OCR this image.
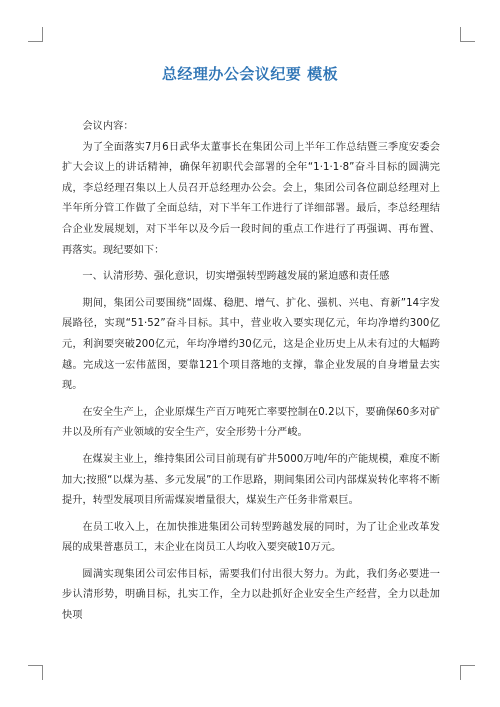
总经理办公会议纪要 模板

会议内容：

为了全面落实7月6日武华太董事长在集团公司上半年工作总结暨三季度安委会扩大会议上的讲话精神，确保年初职代会部署的全年“1·1·1·8”奋斗目标的圆满完成，李总经理召集以上人员召开总经理办公会。会上，集团公司各位副总经理对上半年所分管工作做了全面总结，对下半年工作进行了详细部署。最后，李总经理结合企业发展规划，对下半年以及今后一段时间的重点工作进行了再强调、再布置、再落实。现纪要如下：

一、认清形势、强化意识，切实增强转型跨越发展的紧迫感和责任感

期间，集团公司要围绕“固煤、稳肥、增气、扩化、强机、兴电、育新”14字发展路径，实现“51·52”奋斗目标。其中，营业收入要实现亿元，年均净增约300亿元，利润要突破200亿元，年均净增约30亿元，这是企业历史上从未有过的大幅跨越。完成这一宏伟蓝图，要靠121个项目落地的支撑，靠企业发展的自身增量去实现。

在安全生产上，企业原煤生产百万吨死亡率要控制在0.2以下，要确保60多对矿井以及所有产业领域的安全生产，安全形势十分严峻。

在煤炭主业上，维持集团公司目前现有矿井5000万吨/年的产能规模，难度不断加大;按照“以煤为基、多元发展”的工作思路，期间集团公司内部煤炭转化率将不断提升，转型发展项目所需煤炭增量很大，煤炭生产任务非常艰巨。

在员工收入上，在加快推进集团公司转型跨越发展的同时，为了让企业改革发展的成果普惠员工，末企业在岗员工人均收入要突破10万元。

圆满实现集团公司宏伟目标，需要我们付出很大努力。为此，我们务必要进一步认清形势，明确目标，扎实工作，全力以赴抓好企业安全生产经营，全力以赴加快项
